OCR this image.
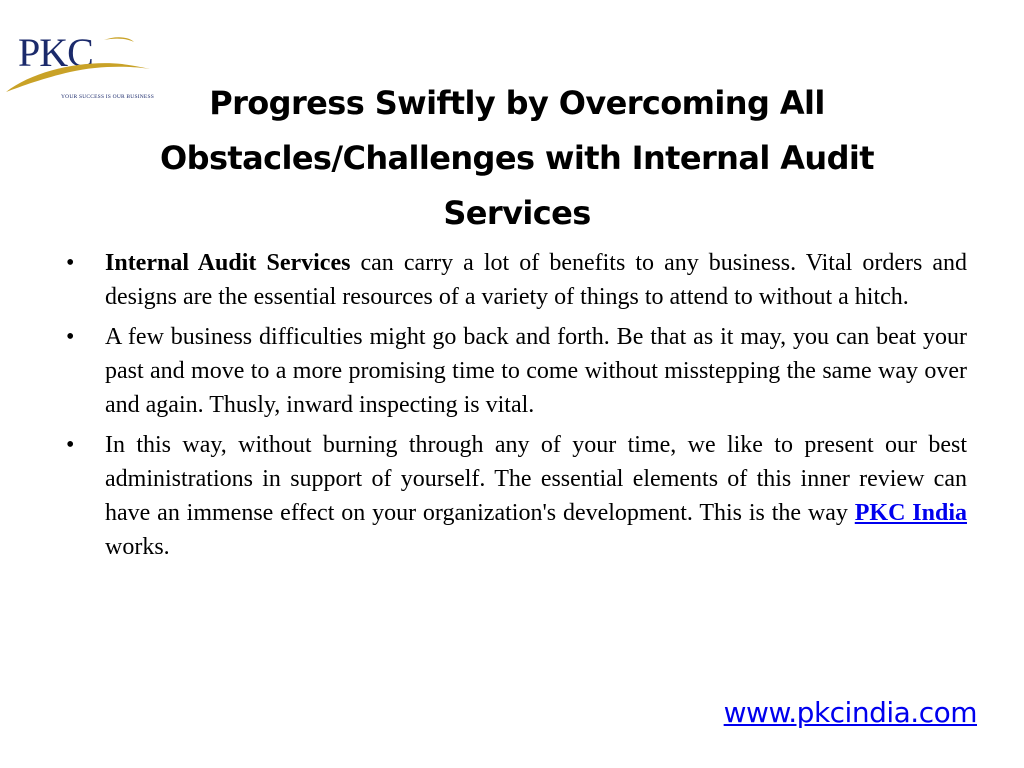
PKC
YOUR SUCCESS IS OUR BUSINESS	Progress Swiftly by Overcoming All Obstacles/Challenges with Internal Audit Services
• Internal Audit Services can carry a lot of benefits to any business. Vital orders and designs are the essential resources of a variety of things to attend to without a hitch.
• A few business difficulties might go back and forth. Be that as it may, you can beat your past and move to a more promising time to come without misstepping the same way over and again. Thusly, inward inspecting is vital.
• In this way, without burning through any of your time, we like to present our best administrations in support of yourself. The essential elements of this inner review can have an immense effect on your organization's development. This is the way PKC India works.
www.pkcindia.com
